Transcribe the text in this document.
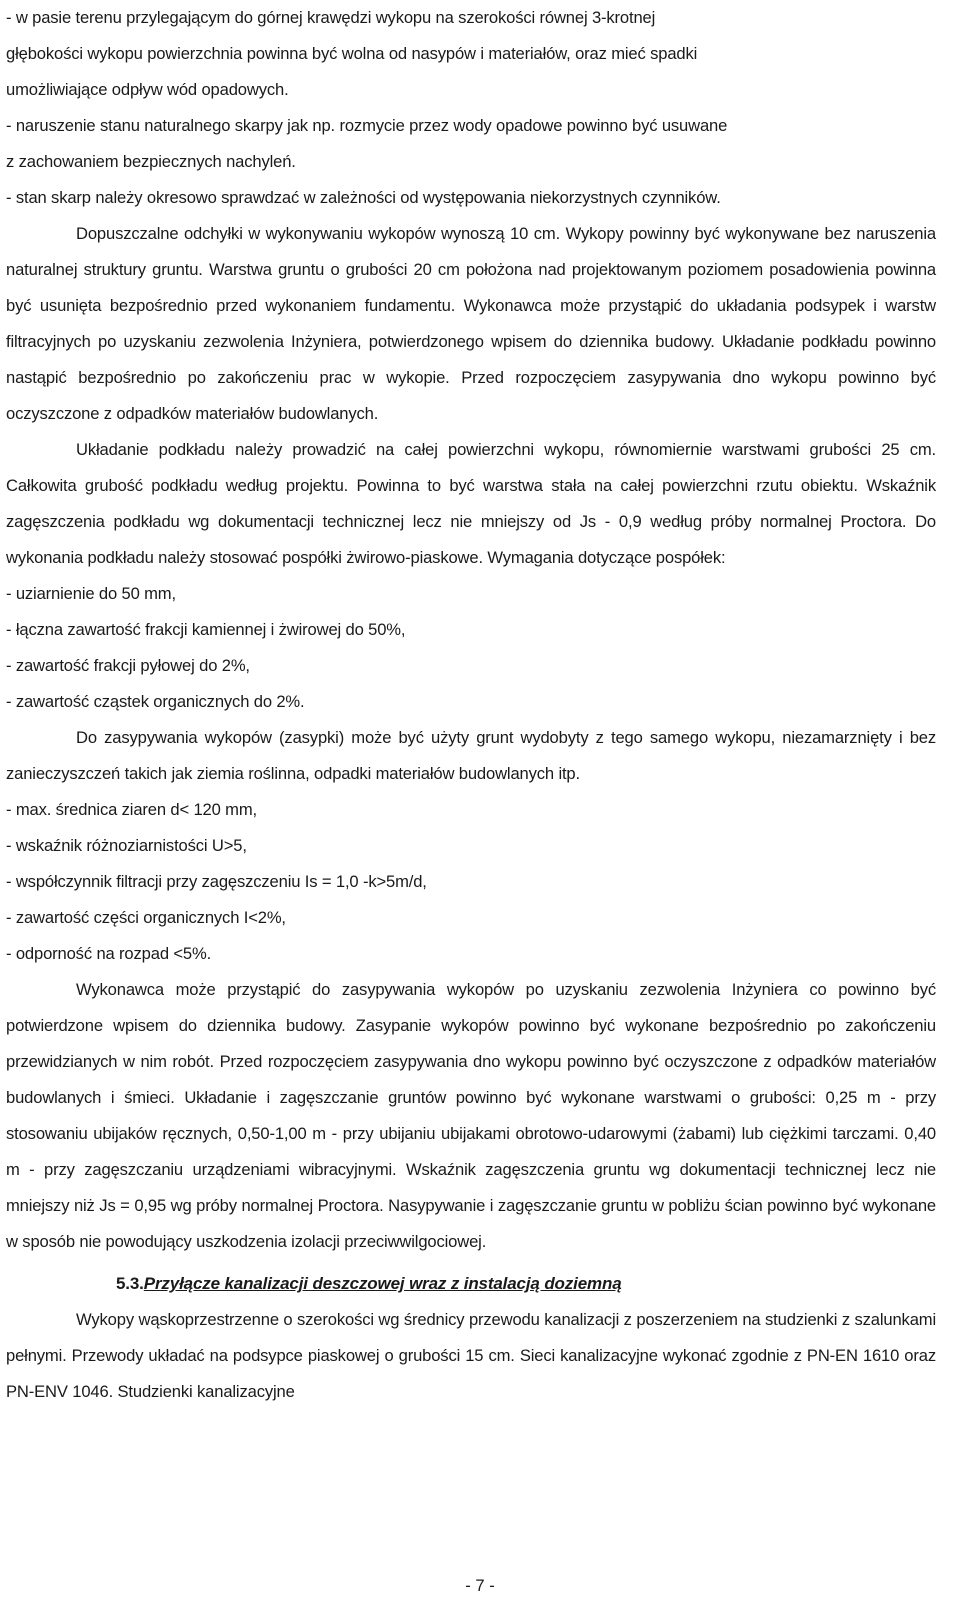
- w pasie terenu przylegającym do górnej krawędzi wykopu na szerokości równej 3-krotnej
głębokości wykopu powierzchnia powinna być wolna od nasypów i materiałów, oraz mieć spadki
umożliwiające odpływ wód opadowych.
- naruszenie stanu naturalnego skarpy jak np. rozmycie przez wody opadowe powinno być usuwane
z zachowaniem bezpiecznych nachyleń.
- stan skarp należy okresowo sprawdzać w zależności od występowania niekorzystnych czynników.

Dopuszczalne odchyłki w wykonywaniu wykopów wynoszą 10 cm. Wykopy powinny być wykonywane bez naruszenia naturalnej struktury gruntu. Warstwa gruntu o grubości 20 cm położona nad projektowanym poziomem posadowienia powinna być usunięta bezpośrednio przed wykonaniem fundamentu. Wykonawca może przystąpić do układania podsypek i warstw filtracyjnych po uzyskaniu zezwolenia Inżyniera, potwierdzonego wpisem do dziennika budowy. Układanie podkładu powinno nastąpić bezpośrednio po zakończeniu prac w wykopie. Przed rozpoczęciem zasypywania dno wykopu powinno być oczyszczone z odpadków materiałów budowlanych.

Układanie podkładu należy prowadzić na całej powierzchni wykopu, równomiernie warstwami grubości 25 cm. Całkowita grubość podkładu według projektu. Powinna to być warstwa stała na całej powierzchni rzutu obiektu. Wskaźnik zagęszczenia podkładu wg dokumentacji technicznej lecz nie mniejszy od Js - 0,9 według próby normalnej Proctora. Do wykonania podkładu należy stosować pospółki żwirowo-piaskowe. Wymagania dotyczące pospółek:

- uziarnienie do 50 mm,

- łączna zawartość frakcji kamiennej i żwirowej do 50%,

- zawartość frakcji pyłowej do 2%,

- zawartość cząstek organicznych do 2%.

Do zasypywania wykopów (zasypki) może być użyty grunt wydobyty z tego samego wykopu, niezamarznięty i bez zanieczyszczeń takich jak ziemia roślinna, odpadki materiałów budowlanych itp.

- max. średnica ziaren d< 120 mm,

- wskaźnik różnoziarnistości U>5,

- współczynnik filtracji przy zagęszczeniu Is = 1,0 -k>5m/d,

- zawartość części organicznych I<2%,

- odporność na rozpad <5%.

Wykonawca może przystąpić do zasypywania wykopów po uzyskaniu zezwolenia Inżyniera co powinno być potwierdzone wpisem do dziennika budowy. Zasypanie wykopów powinno być wykonane bezpośrednio po zakończeniu przewidzianych w nim robót. Przed rozpoczęciem zasypywania dno wykopu powinno być oczyszczone z odpadków materiałów budowlanych i śmieci. Układanie i zagęszczanie gruntów powinno być wykonane warstwami o grubości: 0,25 m - przy stosowaniu ubijaków ręcznych, 0,50-1,00 m - przy ubijaniu ubijakami obrotowo-udarowymi (żabami) lub ciężkimi tarczami. 0,40 m - przy zagęszczaniu urządzeniami wibracyjnymi. Wskaźnik zagęszczenia gruntu wg dokumentacji technicznej lecz nie mniejszy niż Js = 0,95 wg próby normalnej Proctora. Nasypywanie i zagęszczanie gruntu w pobliżu ścian powinno być wykonane w sposób nie powodujący uszkodzenia izolacji przeciwwilgociowej.

5.3.Przyłącze kanalizacji deszczowej wraz z instalacją doziemną

Wykopy wąskoprzestrzenne o szerokości wg średnicy przewodu kanalizacji z poszerzeniem na studzienki z szalunkami pełnymi. Przewody układać na podsypce piaskowej o grubości 15 cm. Sieci kanalizacyjne wykonać zgodnie z PN-EN 1610 oraz PN-ENV 1046. Studzienki kanalizacyjne

- 7 -
